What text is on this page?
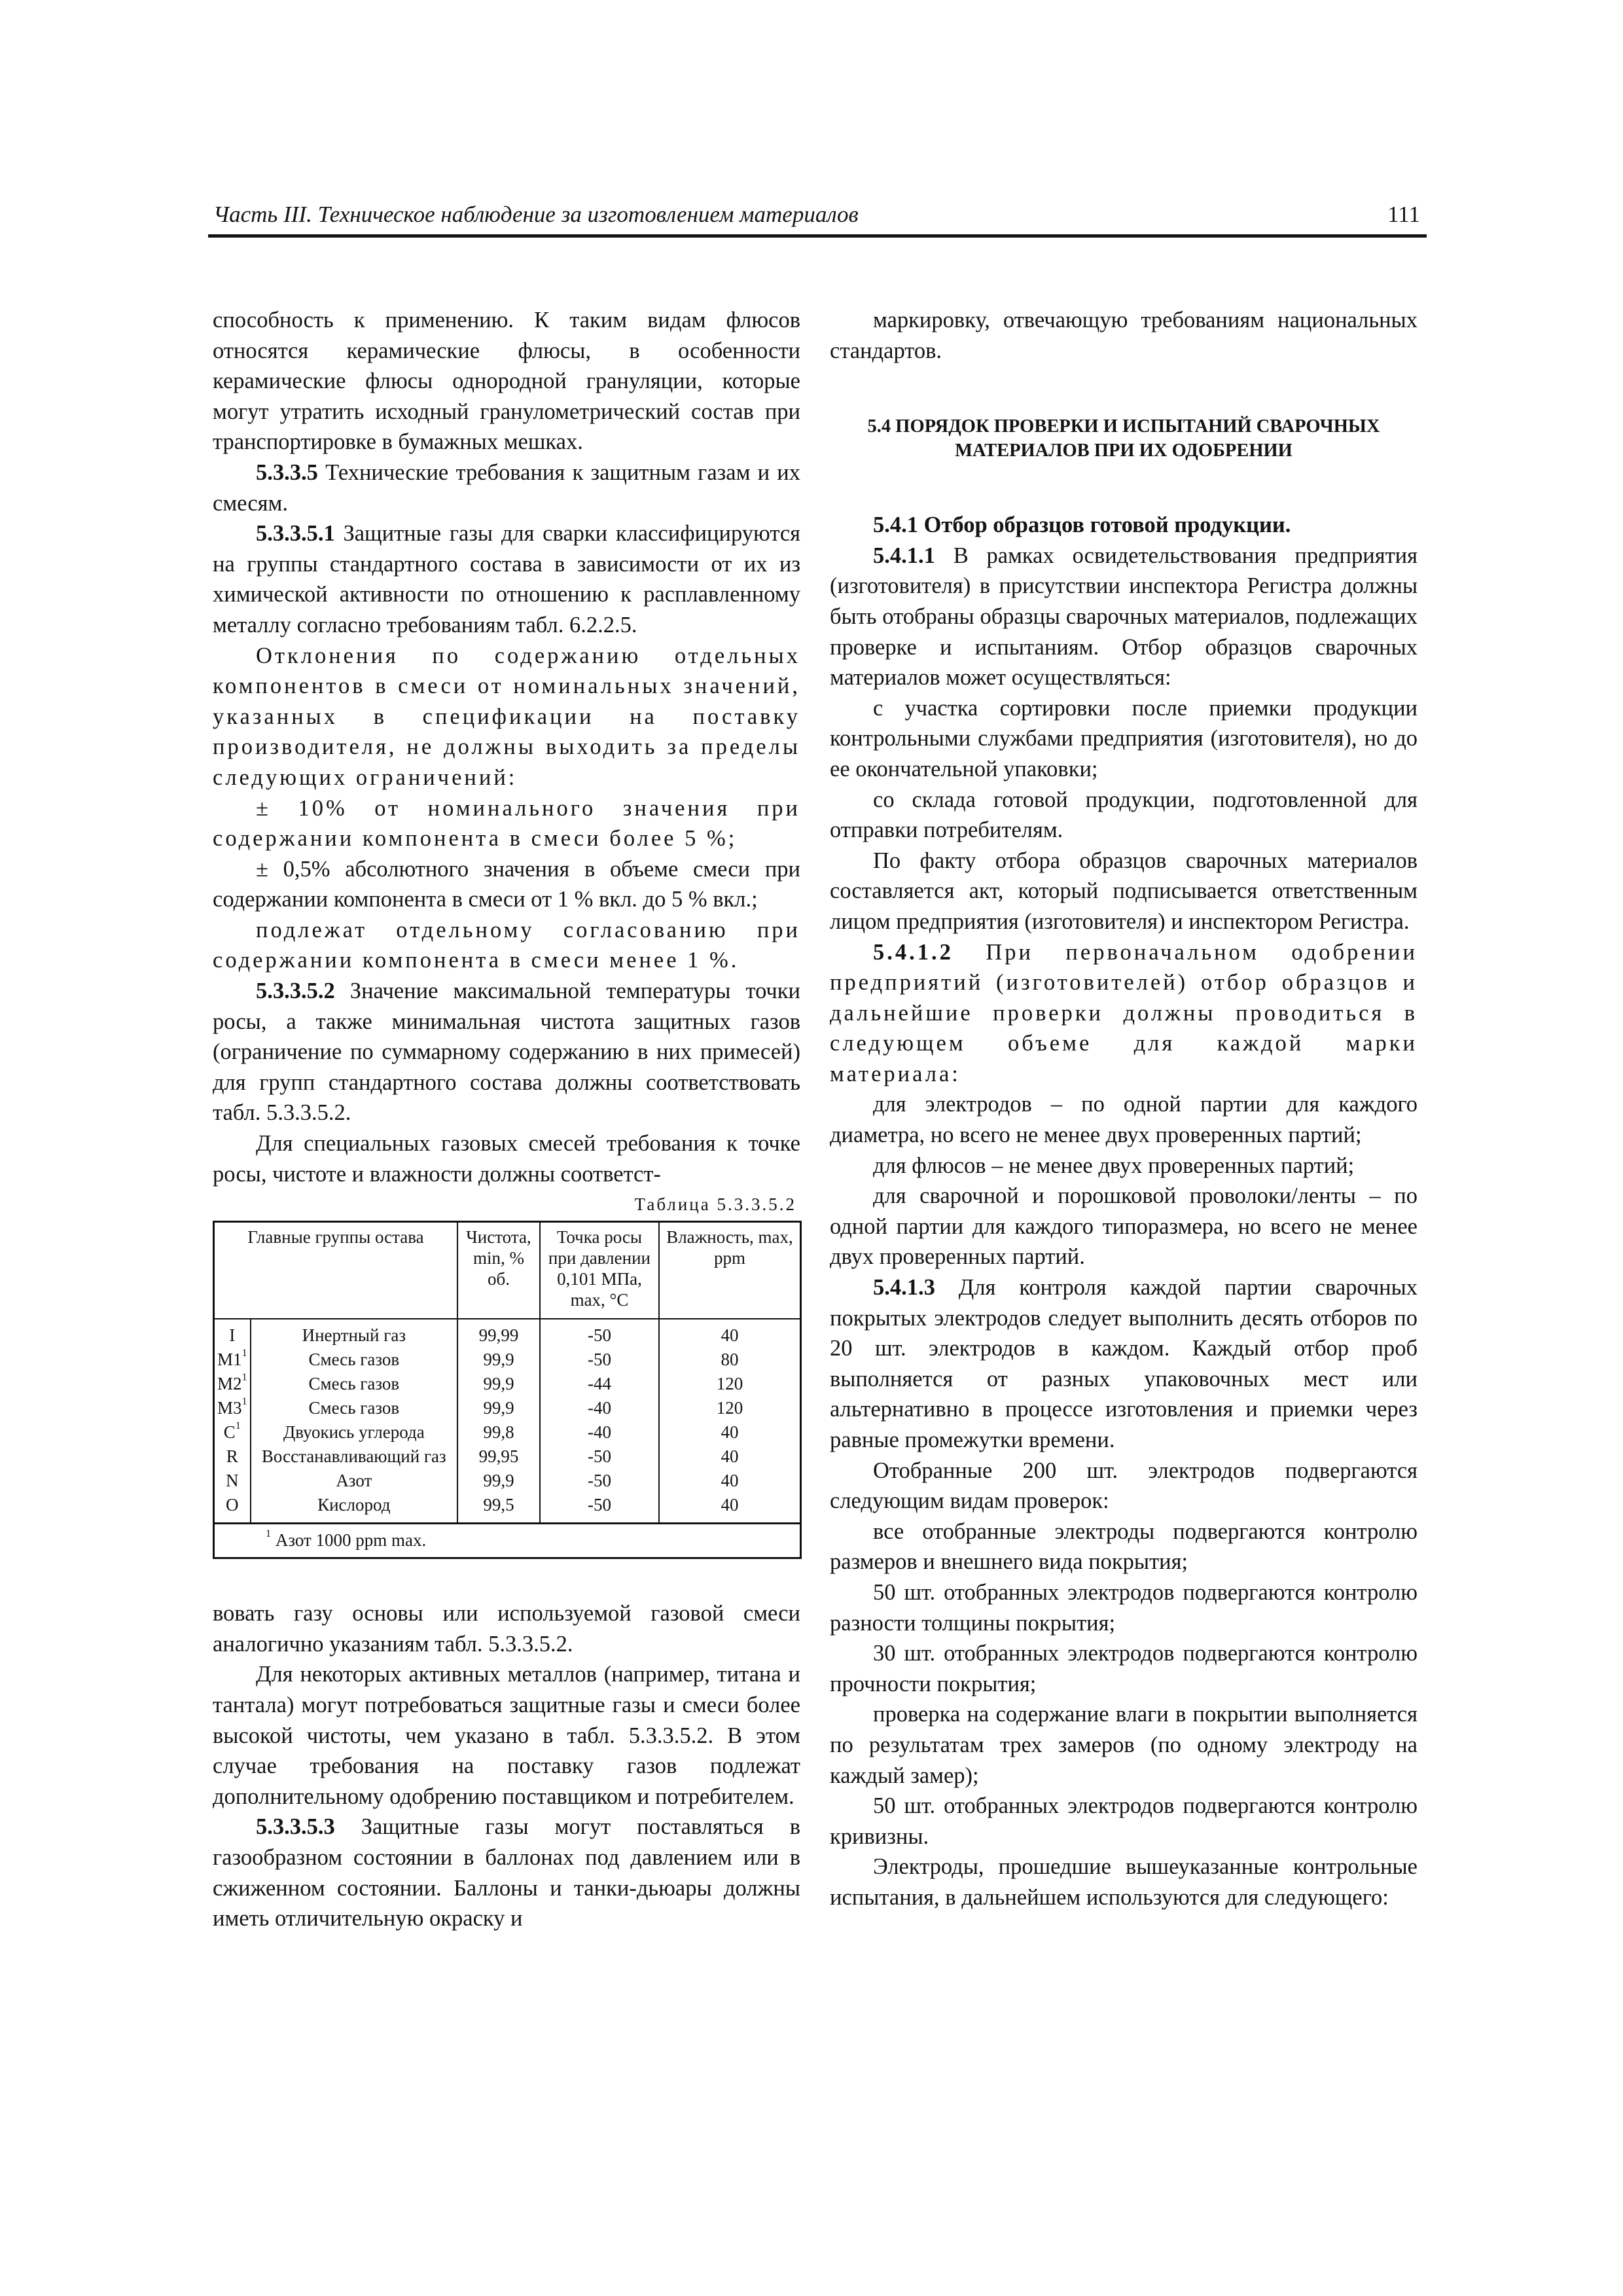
Часть III. Техническое наблюдение за изготовлением материалов	111

способность к применению. К таким видам флюсов относятся керамические флюсы, в особенности керамические флюсы однородной грануляции, которые могут утратить исходный гранулометрический состав при транспортировке в бумажных мешках.

5.3.3.5 Технические требования к защитным газам и их смесям.

5.3.3.5.1 Защитные газы для сварки классифицируются на группы стандартного состава в зависимости от их из химической активности по отношению к расплавленному металлу согласно требованиям табл. 6.2.2.5.

Отклонения по содержанию отдельных компонентов в смеси от номинальных значений, указанных в спецификации на поставку производителя, не должны выходить за пределы следующих ограничений:

± 10% от номинального значения при содержании компонента в смеси более 5 %;

± 0,5% абсолютного значения в объеме смеси при содержании компонента в смеси от 1 % вкл. до 5 % вкл.;

подлежат отдельному согласованию при содержании компонента в смеси менее 1 %.

5.3.3.5.2 Значение максимальной температуры точки росы, а также минимальная чистота защитных газов (ограничение по суммарному содержанию в них примесей) для групп стандартного состава должны соответствовать табл. 5.3.3.5.2.

Для специальных газовых смесей требования к точке росы, чистоте и влажности должны соответст-

Таблица 5.3.3.5.2
Главные группы остава		Чистота, min, % об.	Точка росы при давлении 0,101 МПа, max, °С	Влажность, max, ppm
I	Инертный газ	99,99	-50	40
$M1^1$	Смесь газов	99,9	-50	80
$M2^1$	Смесь газов	99,9	-44	120
$M3^1$	Смесь газов	99,9	-40	120
$C^1$	Двуокись углерода	99,8	-40	40
R	Восстанавливающий газ	99,95	-50	40
N	Азот	99,9	-50	40
O	Кислород	99,5	-50	40
$^1$ Азот 1000 ppm max.				

вовать газу основы или используемой газовой смеси аналогично указаниям табл. 5.3.3.5.2.

Для некоторых активных металлов (например, титана и тантала) могут потребоваться защитные газы и смеси более высокой чистоты, чем указано в табл. 5.3.3.5.2. В этом случае требования на поставку газов подлежат дополнительному одобрению поставщиком и потребителем.

5.3.3.5.3 Защитные газы могут поставляться в газообразном состоянии в баллонах под давлением или в сжиженном состоянии. Баллоны и танки-дьюары должны иметь отличительную окраску и

маркировку, отвечающую требованиям национальных стандартов.

5.4 ПОРЯДОК ПРОВЕРКИ И ИСПЫТАНИЙ СВАРОЧНЫХ МАТЕРИАЛОВ ПРИ ИХ ОДОБРЕНИИ

5.4.1 Отбор образцов готовой продукции.

5.4.1.1 В рамках освидетельствования предприятия (изготовителя) в присутствии инспектора Регистра должны быть отобраны образцы сварочных материалов, подлежащих проверке и испытаниям. Отбор образцов сварочных материалов может осуществляться:

с участка сортировки после приемки продукции контрольными службами предприятия (изготовителя), но до ее окончательной упаковки;

со склада готовой продукции, подготовленной для отправки потребителям.

По факту отбора образцов сварочных материалов составляется акт, который подписывается ответственным лицом предприятия (изготовителя) и инспектором Регистра.

5.4.1.2 При первоначальном одобрении предприятий (изготовителей) отбор образцов и дальнейшие проверки должны проводиться в следующем объеме для каждой марки материала:

для электродов – по одной партии для каждого диаметра, но всего не менее двух проверенных партий;

для флюсов – не менее двух проверенных партий;

для сварочной и порошковой проволоки/ленты – по одной партии для каждого типоразмера, но всего не менее двух проверенных партий.

5.4.1.3 Для контроля каждой партии сварочных покрытых электродов следует выполнить десять отборов по 20 шт. электродов в каждом. Каждый отбор проб выполняется от разных упаковочных мест или альтернативно в процессе изготовления и приемки через равные промежутки времени.

Отобранные 200 шт. электродов подвергаются следующим видам проверок:

все отобранные электроды подвергаются контролю размеров и внешнего вида покрытия;

50 шт. отобранных электродов подвергаются контролю разности толщины покрытия;

30 шт. отобранных электродов подвергаются контролю прочности покрытия;

проверка на содержание влаги в покрытии выполняется по результатам трех замеров (по одному электроду на каждый замер);

50 шт. отобранных электродов подвергаются контролю кривизны.

Электроды, прошедшие вышеуказанные контрольные испытания, в дальнейшем используются для следующего:
